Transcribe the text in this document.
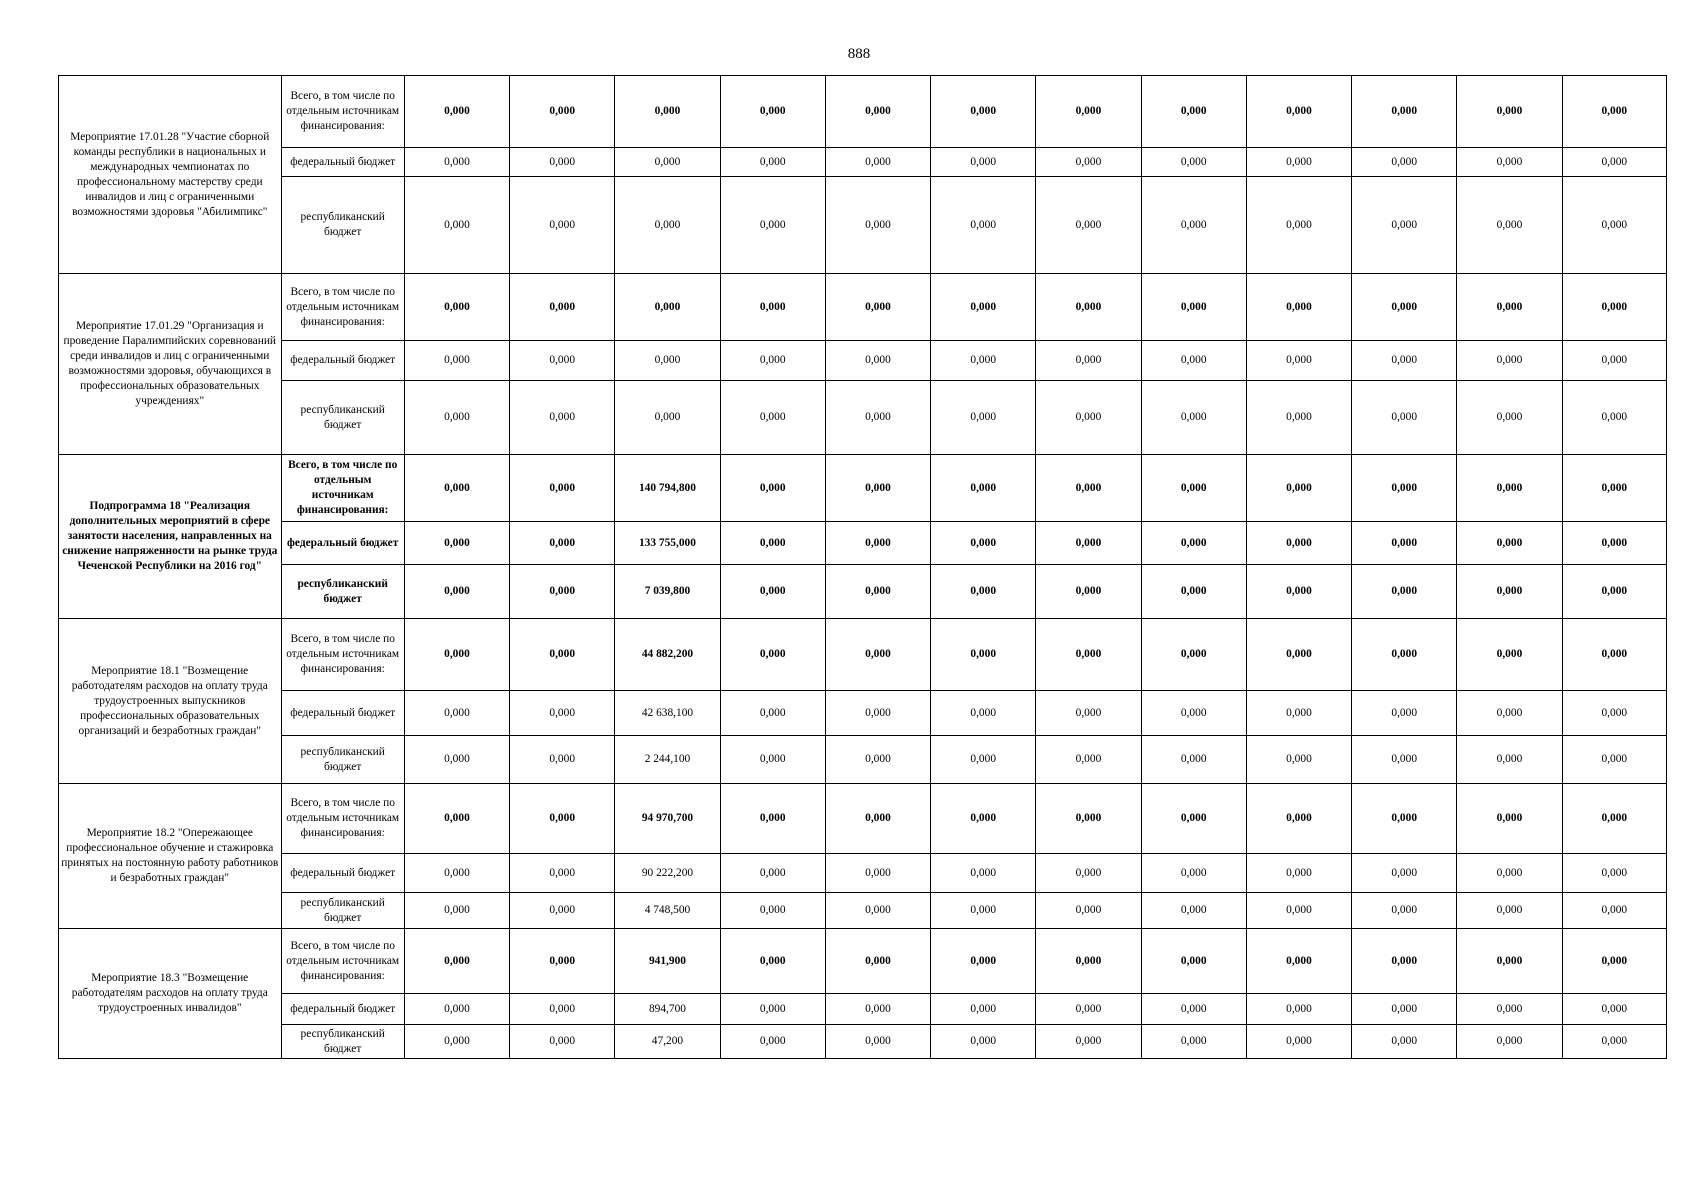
888
Мероприятие 17.01.28 "Участие сборной команды республики в национальных и международных чемпионатах по профессиональному мастерству среди инвалидов и лиц с ограниченными возможностями здоровья "Абилимпикс"	Всего, в том числе по отдельным источникам финансирования:	0,000	0,000	0,000	0,000	0,000	0,000	0,000	0,000	0,000	0,000	0,000	0,000
	федеральный бюджет	0,000	0,000	0,000	0,000	0,000	0,000	0,000	0,000	0,000	0,000	0,000	0,000
	республиканский бюджет	0,000	0,000	0,000	0,000	0,000	0,000	0,000	0,000	0,000	0,000	0,000	0,000
Мероприятие 17.01.29 "Организация и проведение Паралимпийских соревнований среди инвалидов и лиц с ограниченными возможностями здоровья, обучающихся в профессиональных образовательных учреждениях"	Всего, в том числе по отдельным источникам финансирования:	0,000	0,000	0,000	0,000	0,000	0,000	0,000	0,000	0,000	0,000	0,000	0,000
	федеральный бюджет	0,000	0,000	0,000	0,000	0,000	0,000	0,000	0,000	0,000	0,000	0,000	0,000
	республиканский бюджет	0,000	0,000	0,000	0,000	0,000	0,000	0,000	0,000	0,000	0,000	0,000	0,000
Подпрограмма 18 "Реализация дополнительных мероприятий в сфере занятости населения, направленных на снижение напряженности на рынке труда Чеченской Республики на 2016 год"	Всего, в том числе по отдельным источникам финансирования:	0,000	0,000	140 794,800	0,000	0,000	0,000	0,000	0,000	0,000	0,000	0,000	0,000
	федеральный бюджет	0,000	0,000	133 755,000	0,000	0,000	0,000	0,000	0,000	0,000	0,000	0,000	0,000
	республиканский бюджет	0,000	0,000	7 039,800	0,000	0,000	0,000	0,000	0,000	0,000	0,000	0,000	0,000
Мероприятие 18.1 "Возмещение работодателям расходов на оплату труда трудоустроенных выпускников профессиональных образовательных организаций и безработных граждан"	Всего, в том числе по отдельным источникам финансирования:	0,000	0,000	44 882,200	0,000	0,000	0,000	0,000	0,000	0,000	0,000	0,000	0,000
	федеральный бюджет	0,000	0,000	42 638,100	0,000	0,000	0,000	0,000	0,000	0,000	0,000	0,000	0,000
	республиканский бюджет	0,000	0,000	2 244,100	0,000	0,000	0,000	0,000	0,000	0,000	0,000	0,000	0,000
Мероприятие 18.2 "Опережающее профессиональное обучение и стажировка принятых на постоянную работу работников и безработных граждан"	Всего, в том числе по отдельным источникам финансирования:	0,000	0,000	94 970,700	0,000	0,000	0,000	0,000	0,000	0,000	0,000	0,000	0,000
	федеральный бюджет	0,000	0,000	90 222,200	0,000	0,000	0,000	0,000	0,000	0,000	0,000	0,000	0,000
	республиканский бюджет	0,000	0,000	4 748,500	0,000	0,000	0,000	0,000	0,000	0,000	0,000	0,000	0,000
Мероприятие 18.3 "Возмещение работодателям расходов на оплату труда трудоустроенных инвалидов"	Всего, в том числе по отдельным источникам финансирования:	0,000	0,000	941,900	0,000	0,000	0,000	0,000	0,000	0,000	0,000	0,000	0,000
	федеральный бюджет	0,000	0,000	894,700	0,000	0,000	0,000	0,000	0,000	0,000	0,000	0,000	0,000
	республиканский бюджет	0,000	0,000	47,200	0,000	0,000	0,000	0,000	0,000	0,000	0,000	0,000	0,000
